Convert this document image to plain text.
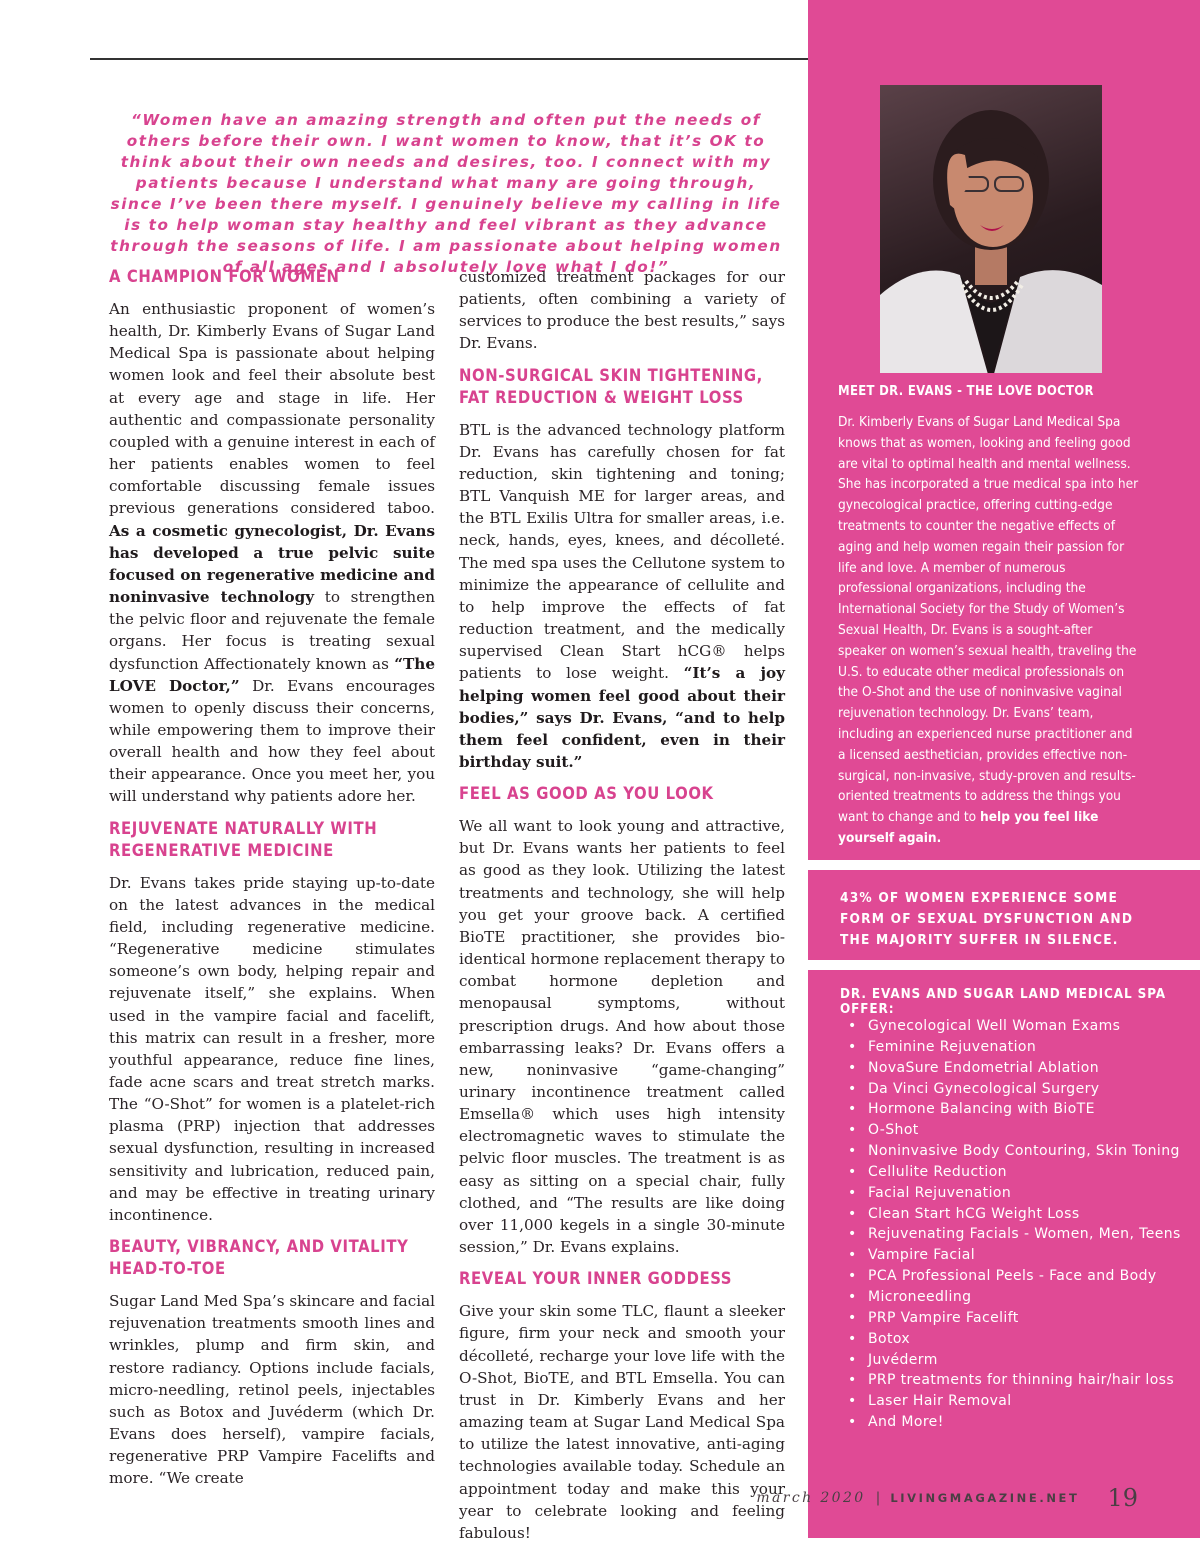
“Women have an amazing strength and often put the needs of others before their own. I want women to know, that it’s OK to think about their own needs and desires, too. I connect with my patients because I understand what many are going through, since I’ve been there myself. I genuinely believe my calling in life is to help woman stay healthy and feel vibrant as they advance through the seasons of life. I am passionate about helping women of all ages and I absolutely love what I do!”
A CHAMPION FOR WOMEN
An enthusiastic proponent of women’s health, Dr. Kimberly Evans of Sugar Land Medical Spa is passionate about helping women look and feel their absolute best at every age and stage in life. Her authentic and compassionate personality coupled with a genuine interest in each of her patients enables women to feel comfortable discussing female issues previous generations considered taboo. As a cosmetic gynecologist, Dr. Evans has developed a true pelvic suite focused on regenerative medicine and noninvasive technology to strengthen the pelvic floor and rejuvenate the female organs. Her focus is treating sexual dysfunction Affectionately known as “The LOVE Doctor,” Dr. Evans encourages women to openly discuss their concerns, while empowering them to improve their overall health and how they feel about their appearance. Once you meet her, you will understand why patients adore her.
REJUVENATE NATURALLY WITH REGENERATIVE MEDICINE
Dr. Evans takes pride staying up-to-date on the latest advances in the medical field, including regenerative medicine. “Regenerative medicine stimulates someone’s own body, helping repair and rejuvenate itself,” she explains. When used in the vampire facial and facelift, this matrix can result in a fresher, more youthful appearance, reduce fine lines, fade acne scars and treat stretch marks. The “O-Shot” for women is a platelet-rich plasma (PRP) injection that addresses sexual dysfunction, resulting in increased sensitivity and lubrication, reduced pain, and may be effective in treating urinary incontinence.
BEAUTY, VIBRANCY, AND VITALITY HEAD-TO-TOE
Sugar Land Med Spa’s skincare and facial rejuvenation treatments smooth lines and wrinkles, plump and firm skin, and restore radiancy. Options include facials, micro-needling, retinol peels, injectables such as Botox and Juvéderm (which Dr. Evans does herself), vampire facials, regenerative PRP Vampire Facelifts and more. “We create
customized treatment packages for our patients, often combining a variety of services to produce the best results,” says Dr. Evans.
NON-SURGICAL SKIN TIGHTENING, FAT REDUCTION & WEIGHT LOSS
BTL is the advanced technology platform Dr. Evans has carefully chosen for fat reduction, skin tightening and toning; BTL Vanquish ME for larger areas, and the BTL Exilis Ultra for smaller areas, i.e. neck, hands, eyes, knees, and décolleté. The med spa uses the Cellutone system to minimize the appearance of cellulite and to help improve the effects of fat reduction treatment, and the medically supervised Clean Start hCG® helps patients to lose weight. “It’s a joy helping women feel good about their bodies,” says Dr. Evans, “and to help them feel confident, even in their birthday suit.”
FEEL AS GOOD AS YOU LOOK
We all want to look young and attractive, but Dr. Evans wants her patients to feel as good as they look. Utilizing the latest treatments and technology, she will help you get your groove back. A certified BioTE practitioner, she provides bio-identical hormone replacement therapy to combat hormone depletion and menopausal symptoms, without prescription drugs. And how about those embarrassing leaks? Dr. Evans offers a new, noninvasive “game-changing” urinary incontinence treatment called Emsella® which uses high intensity electromagnetic waves to stimulate the pelvic floor muscles. The treatment is as easy as sitting on a special chair, fully clothed, and “The results are like doing over 11,000 kegels in a single 30-minute session,” Dr. Evans explains.
REVEAL YOUR INNER GODDESS
Give your skin some TLC, flaunt a sleeker figure, firm your neck and smooth your décolleté, recharge your love life with the O-Shot, BioTE, and BTL Emsella. You can trust in Dr. Kimberly Evans and her amazing team at Sugar Land Medical Spa to utilize the latest innovative, anti-aging technologies available today. Schedule an appointment today and make this your year to celebrate looking and feeling fabulous!
MEET DR. EVANS - THE LOVE DOCTOR
Dr. Kimberly Evans of Sugar Land Medical Spa knows that as women, looking and feeling good are vital to optimal health and mental wellness. She has incorporated a true medical spa into her gynecological practice, offering cutting-edge treatments to counter the negative effects of aging and help women regain their passion for life and love. A member of numerous professional organizations, including the International Society for the Study of Women’s Sexual Health, Dr. Evans is a sought-after speaker on women’s sexual health, traveling the U.S. to educate other medical professionals on the O-Shot and the use of noninvasive vaginal rejuvenation technology. Dr. Evans’ team, including an experienced nurse practitioner and a licensed aesthetician, provides effective non-surgical, non-invasive, study-proven and results-oriented treatments to address the things you want to change and to help you feel like yourself again.
43% OF WOMEN EXPERIENCE SOME FORM OF SEXUAL DYSFUNCTION AND THE MAJORITY SUFFER IN SILENCE.
DR. EVANS AND SUGAR LAND MEDICAL SPA OFFER:
• Gynecological Well Woman Exams
• Feminine Rejuvenation
• NovaSure Endometrial Ablation
• Da Vinci Gynecological Surgery
• Hormone Balancing with BioTE
• O-Shot
• Noninvasive Body Contouring, Skin Toning
• Cellulite Reduction
• Facial Rejuvenation
• Clean Start hCG Weight Loss
• Rejuvenating Facials - Women, Men, Teens
• Vampire Facial
• PCA Professional Peels - Face and Body
• Microneedling
• PRP Vampire Facelift
• Botox
• Juvéderm
• PRP treatments for thinning hair/hair loss
• Laser Hair Removal
• And More!
march 2020 | LIVINGMAGAZINE.NET 19
